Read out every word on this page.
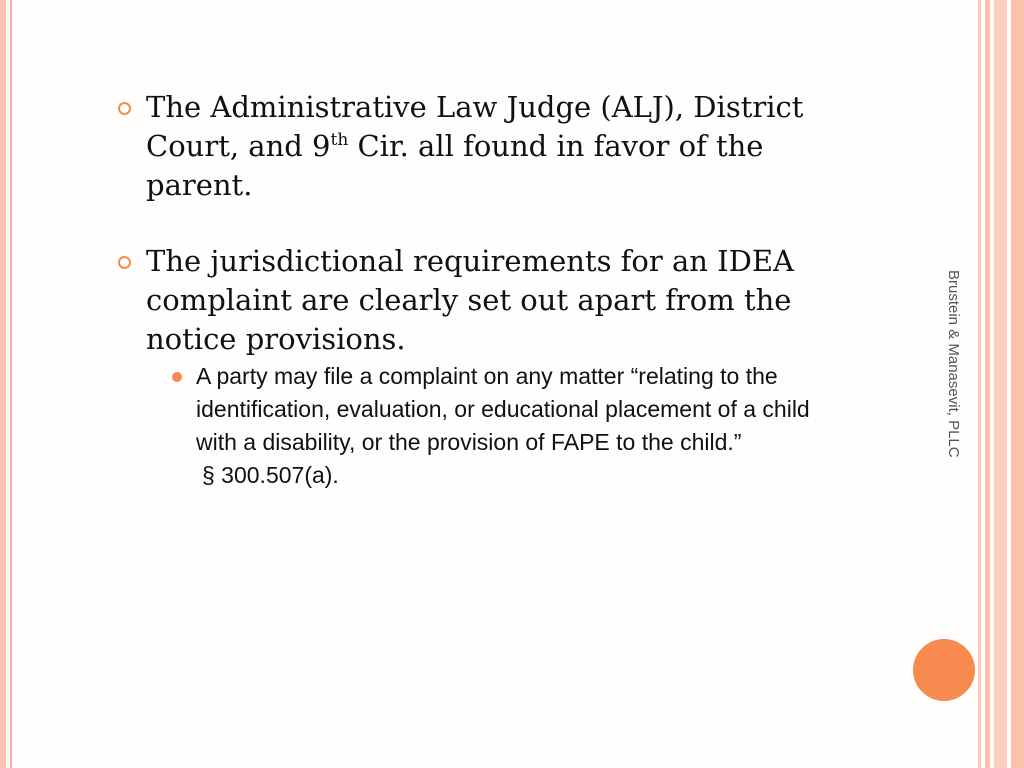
The Administrative Law Judge (ALJ), District Court, and 9th Cir. all found in favor of the parent.
The jurisdictional requirements for an IDEA complaint are clearly set out apart from the notice provisions.
A party may file a complaint on any matter “relating to the identification, evaluation, or educational placement of a child with a disability, or the provision of FAPE to the child.”
§ 300.507(a).
Brustein & Manasevit, PLLC
